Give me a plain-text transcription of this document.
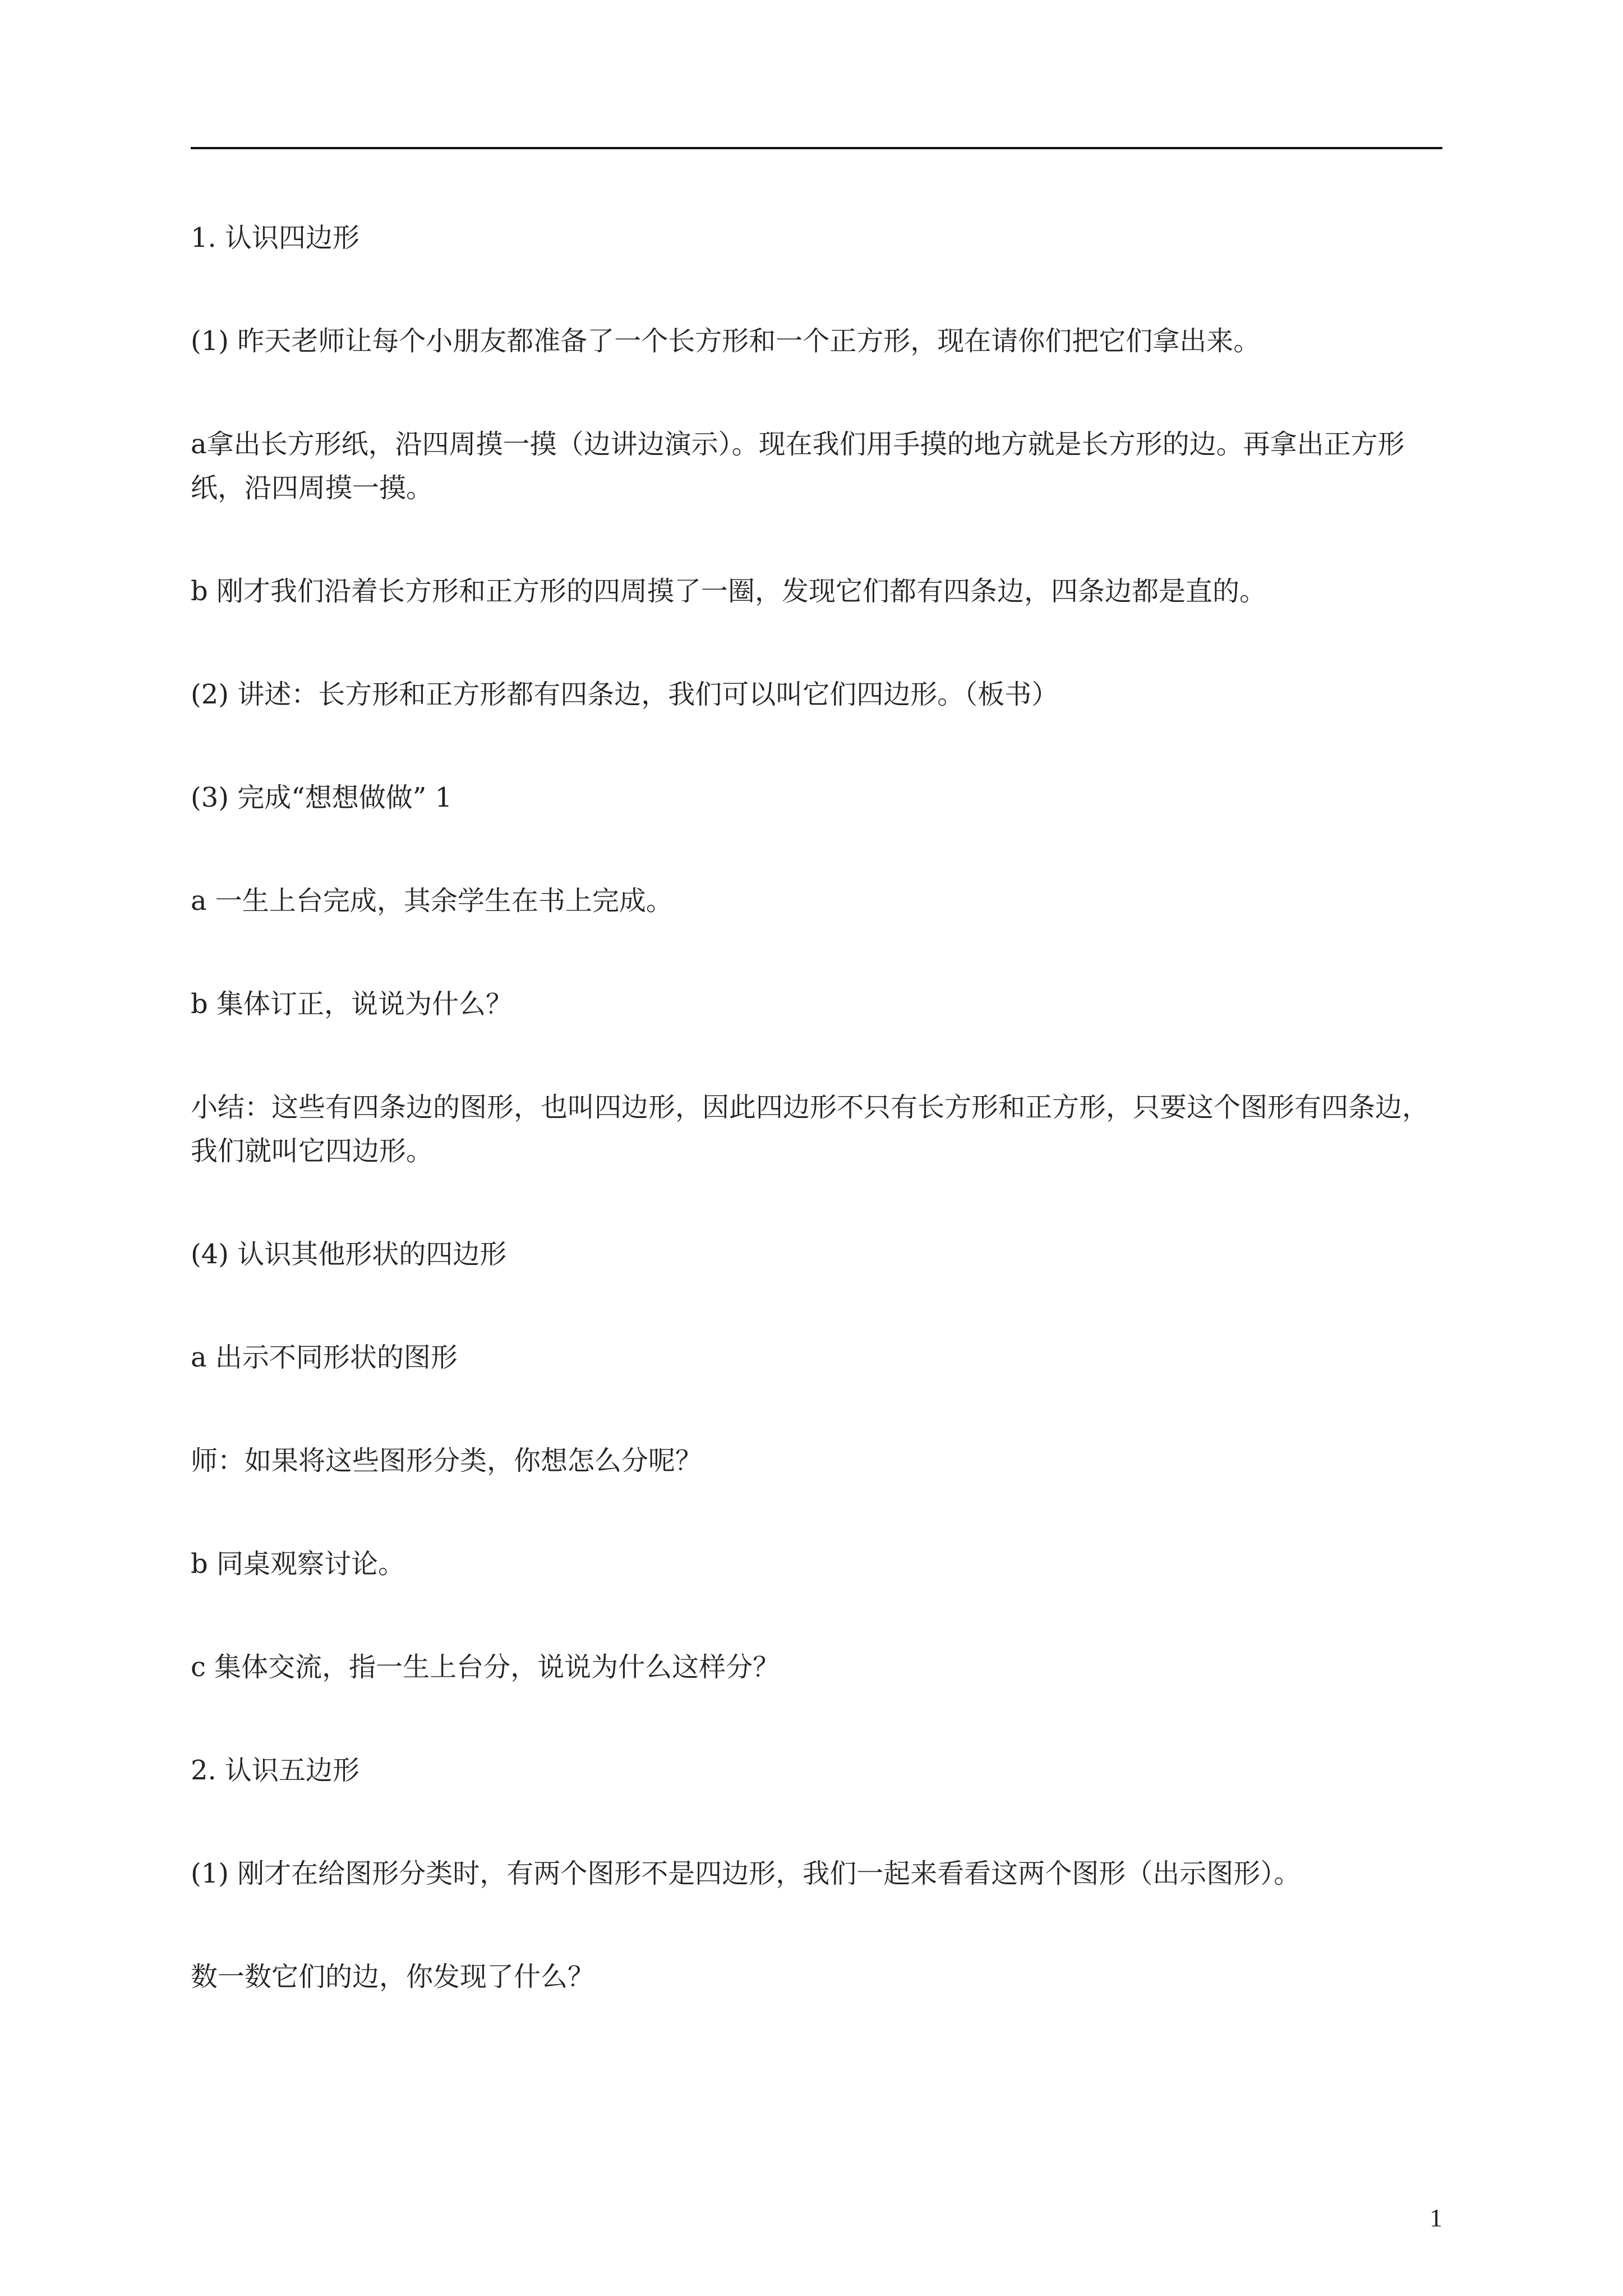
1. 认识四边形

(1) 昨天老师让每个小朋友都准备了一个长方形和一个正方形，现在请你们把它们拿出来。

a拿出长方形纸，沿四周摸一摸（边讲边演示）。现在我们用手摸的地方就是长方形的边。再拿出正方形纸，沿四周摸一摸。

b 刚才我们沿着长方形和正方形的四周摸了一圈，发现它们都有四条边，四条边都是直的。

(2) 讲述：长方形和正方形都有四条边，我们可以叫它们四边形。（板书）

(3) 完成“想想做做” 1

a 一生上台完成，其余学生在书上完成。

b 集体订正，说说为什么？

小结：这些有四条边的图形，也叫四边形，因此四边形不只有长方形和正方形，只要这个图形有四条边，我们就叫它四边形。

(4) 认识其他形状的四边形

a 出示不同形状的图形

师：如果将这些图形分类，你想怎么分呢？

b 同桌观察讨论。

c 集体交流，指一生上台分，说说为什么这样分？

2. 认识五边形

(1) 刚才在给图形分类时，有两个图形不是四边形，我们一起来看看这两个图形（出示图形）。

数一数它们的边，你发现了什么？

1
